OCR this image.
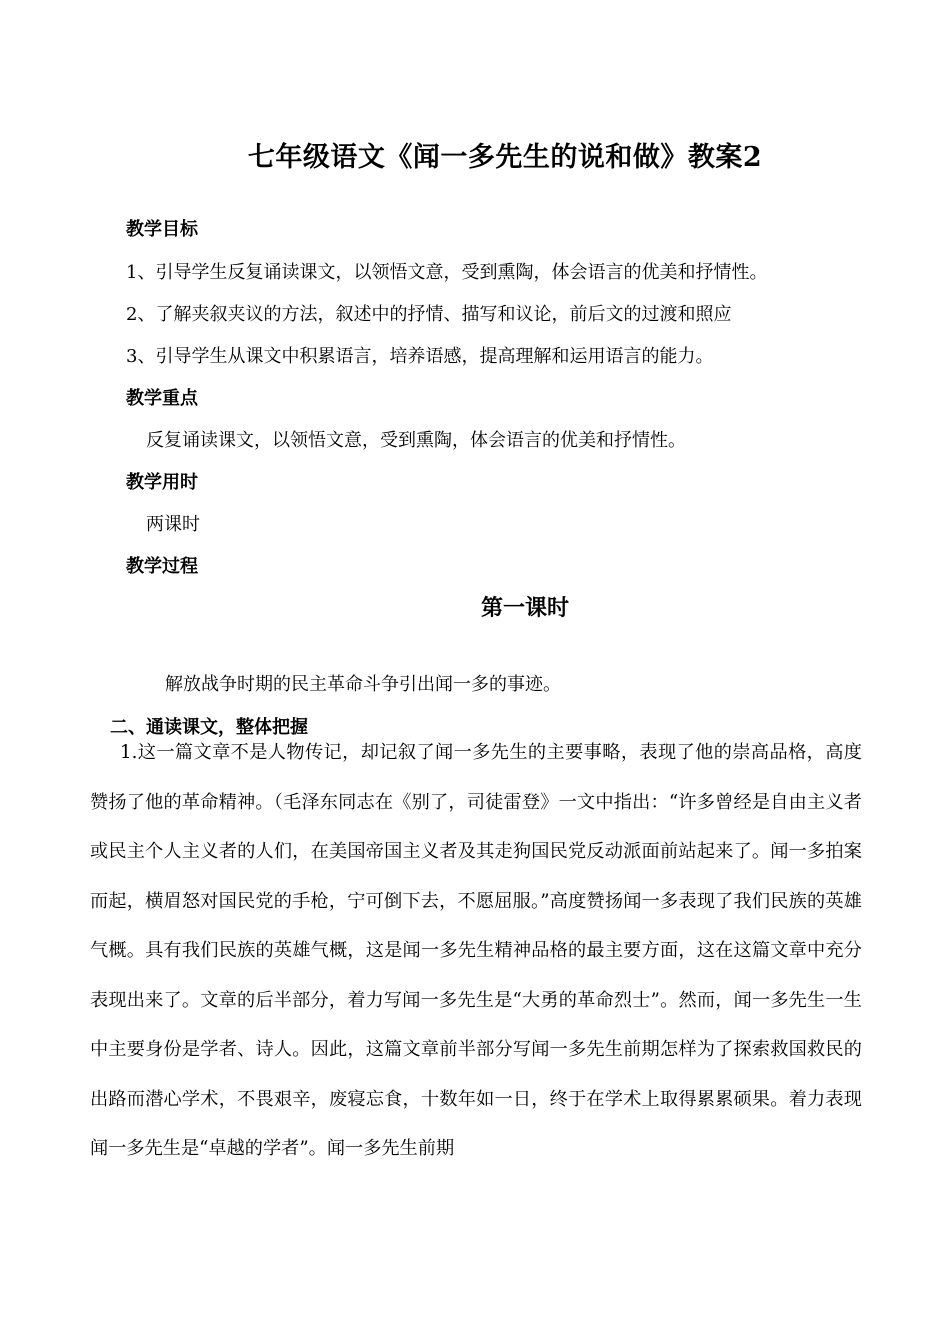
七年级语文《闻一多先生的说和做》教案2
教学目标
1、引导学生反复诵读课文，以领悟文意，受到熏陶，体会语言的优美和抒情性。
2、了解夹叙夹议的方法，叙述中的抒情、描写和议论，前后文的过渡和照应
3、引导学生从课文中积累语言，培养语感，提高理解和运用语言的能力。
教学重点
反复诵读课文，以领悟文意，受到熏陶，体会语言的优美和抒情性。
教学用时
两课时
教学过程
第一课时
解放战争时期的民主革命斗争引出闻一多的事迹。
二、通读课文，整体把握
1.这一篇文章不是人物传记，却记叙了闻一多先生的主要事略，表现了他的崇高品格，高度赞扬了他的革命精神。（毛泽东同志在《别了，司徒雷登》一文中指出：“许多曾经是自由主义者或民主个人主义者的人们，在美国帝国主义者及其走狗国民党反动派面前站起来了。闻一多拍案而起，横眉怒对国民党的手枪，宁可倒下去，不愿屈服。”高度赞扬闻一多表现了我们民族的英雄气概。具有我们民族的英雄气概，这是闻一多先生精神品格的最主要方面，这在这篇文章中充分表现出来了。文章的后半部分，着力写闻一多先生是“大勇的革命烈士”。然而，闻一多先生一生中主要身份是学者、诗人。因此，这篇文章前半部分写闻一多先生前期怎样为了探索救国救民的出路而潜心学术，不畏艰辛，废寝忘食，十数年如一日，终于在学术上取得累累硕果。着力表现闻一多先生是“卓越的学者”。闻一多先生前期
